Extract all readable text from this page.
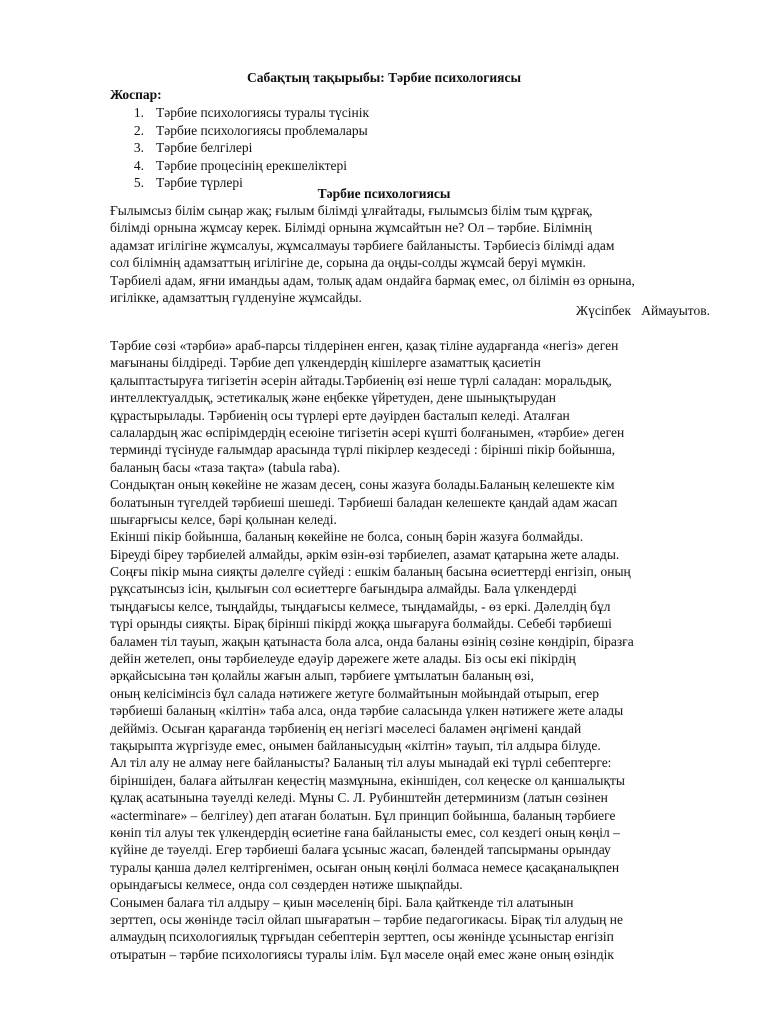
Сабақтың тақырыбы: Тәрбие психологиясы
Жоспар:
1. Тәрбие психологиясы туралы түсінік
2. Тәрбие психологиясы проблемалары
3. Тәрбие белгілері
4. Тәрбие процесінің ерекшеліктері
5. Тәрбие түрлері
Тәрбие психологиясы
Ғылымсыз білім сыңар жақ; ғылым білімді ұлғайтады, ғылымсыз білім тым құрғақ,
білімді орнына жұмсау керек. Білімді орнына жұмсайтын не? Ол – тәрбие. Білімнің
адамзат игілігіне жұмсалуы, жұмсалмауы тәрбиеге байланысты. Тәрбиесіз білімді адам
сол білімнің адамзаттың игілігіне де, сорына да оңды-солды жұмсай беруі мүмкін.
Тәрбиелі адам, яғни имандьы адам, толық адам ондайға бармақ емес, ол білімін өз орнына,
игілікке, адамзаттың гүлденуіне жұмсайды.
Жүсіпбек   Аймауытов.
Тәрбие сөзі «тәрбиә» араб-парсы тілдерінен енген, қазақ тіліне аударғанда «негіз» деген
мағынаны білдіреді. Тәрбие деп үлкендердің кішілерге азаматтық қасиетін
қалыптастыруға тигізетін әсерін айтады.Тәрбиенің өзі неше түрлі саладан: моральдық,
интеллектуалдық, эстетикалық және еңбекке үйретуден, дене шынықтырудан
құрастырылады. Тәрбиенің осы түрлері ерте дәуірден басталып келеді. Аталған
салалардың жас өспірімдердің есеюіне тигізетін әсері күшті болғанымен, «тәрбие» деген
терминді түсінуде ғалымдар арасында түрлі пікірлер кездеседі : бірінші пікір бойынша,
баланың басы «таза тақта» (tabula raba).
Сондықтан оның көкейіне не жазам десең, соны жазуға болады.Баланың келешекте кім
болатынын түгелдей тәрбиеші шешеді. Тәрбиеші баладан келешекте қандай адам жасап
шығарғысы келсе, бәрі қолынан келеді.
Екінші пікір бойынша, баланың көкейіне не болса, соның бәрін жазуға болмайды.
Біреуді біреу тәрбиелей алмайды, әркім өзін-өзі тәрбиелеп, азамат қатарына жете алады.
Соңғы пікір мына сияқты дәлелге сүйеді : ешкім баланың басына өсиеттерді енгізіп, оның
рұқсатынсыз ісін, қылығын сол өсиеттерге бағындыра алмайды. Бала үлкендерді
тыңдағысы келсе, тыңдайды, тыңдағысы келмесе, тыңдамайды, - өз еркі. Дәлелдің бұл
түрі орынды сияқты. Бірақ бірінші пікірді жоққа шығаруға болмайды. Себебі тәрбиеші
баламен тіл тауып, жақын қатынаста бола алса, онда баланы өзінің сөзіне көндіріп, біразға
дейін жетелеп, оны тәрбиелеуде едәуір дәрежеге жете алады. Біз осы екі пікірдің
әрқайсысына тән қолайлы жағын алып, тәрбиеге ұмтылатын баланың өзі,
оның келісімінсіз бұл салада нәтижеге жетуге болмайтынын мойындай отырып, егер
тәрбиеші баланың «кілтін» таба алса, онда тәрбие саласында үлкен нәтижеге жете алады
деййміз. Осыған қарағанда тәрбиенің ең негізгі мәселесі баламен әңгімені қандай
тақырыпта жүргізуде емес, онымен байланысудың «кілтін» тауып, тіл алдыра білуде.
Ал тіл алу не алмау неге байланысты? Баланың тіл алуы мынадай екі түрлі себептерге:
біріншіден, балаға айтылған кеңестің мазмұнына, екіншіден, сол кеңеске ол қаншалықты
құлақ асатынына тәуелді келеді. Мұны С. Л. Рубинштейн детерминизм (латын сөзінен
«acterminare» – белгілеу) деп атаған болатын. Бұл принцип бойынша, баланың тәрбиеге
көніп тіл алуы тек үлкендердің өсиетіне ғана байланысты емес, сол кездегі оның көңіл –
күйіне де тәуелді. Егер тәрбиеші балаға ұсыныс жасап, бәлендей тапсырманы орындау
туралы қанша дәлел келтіргенімен, осыған оның көңілі болмаса немесе қасақаналықпен
орындағысы келмесе, онда сол сөздерден нәтиже шықпайды.
Сонымен балаға тіл алдыру – қиын мәселенің бірі. Бала қайткенде тіл алатынын
зерттеп, осы жөнінде тәсіл ойлап шығаратын – тәрбие педагогикасы. Бірақ тіл алудың не
алмаудың психологиялық тұрғыдан себептерін зерттеп, осы жөнінде ұсыныстар енгізіп
отыратын – тәрбие психологиясы туралы ілім. Бұл мәселе оңай емес және оның өзіндік
